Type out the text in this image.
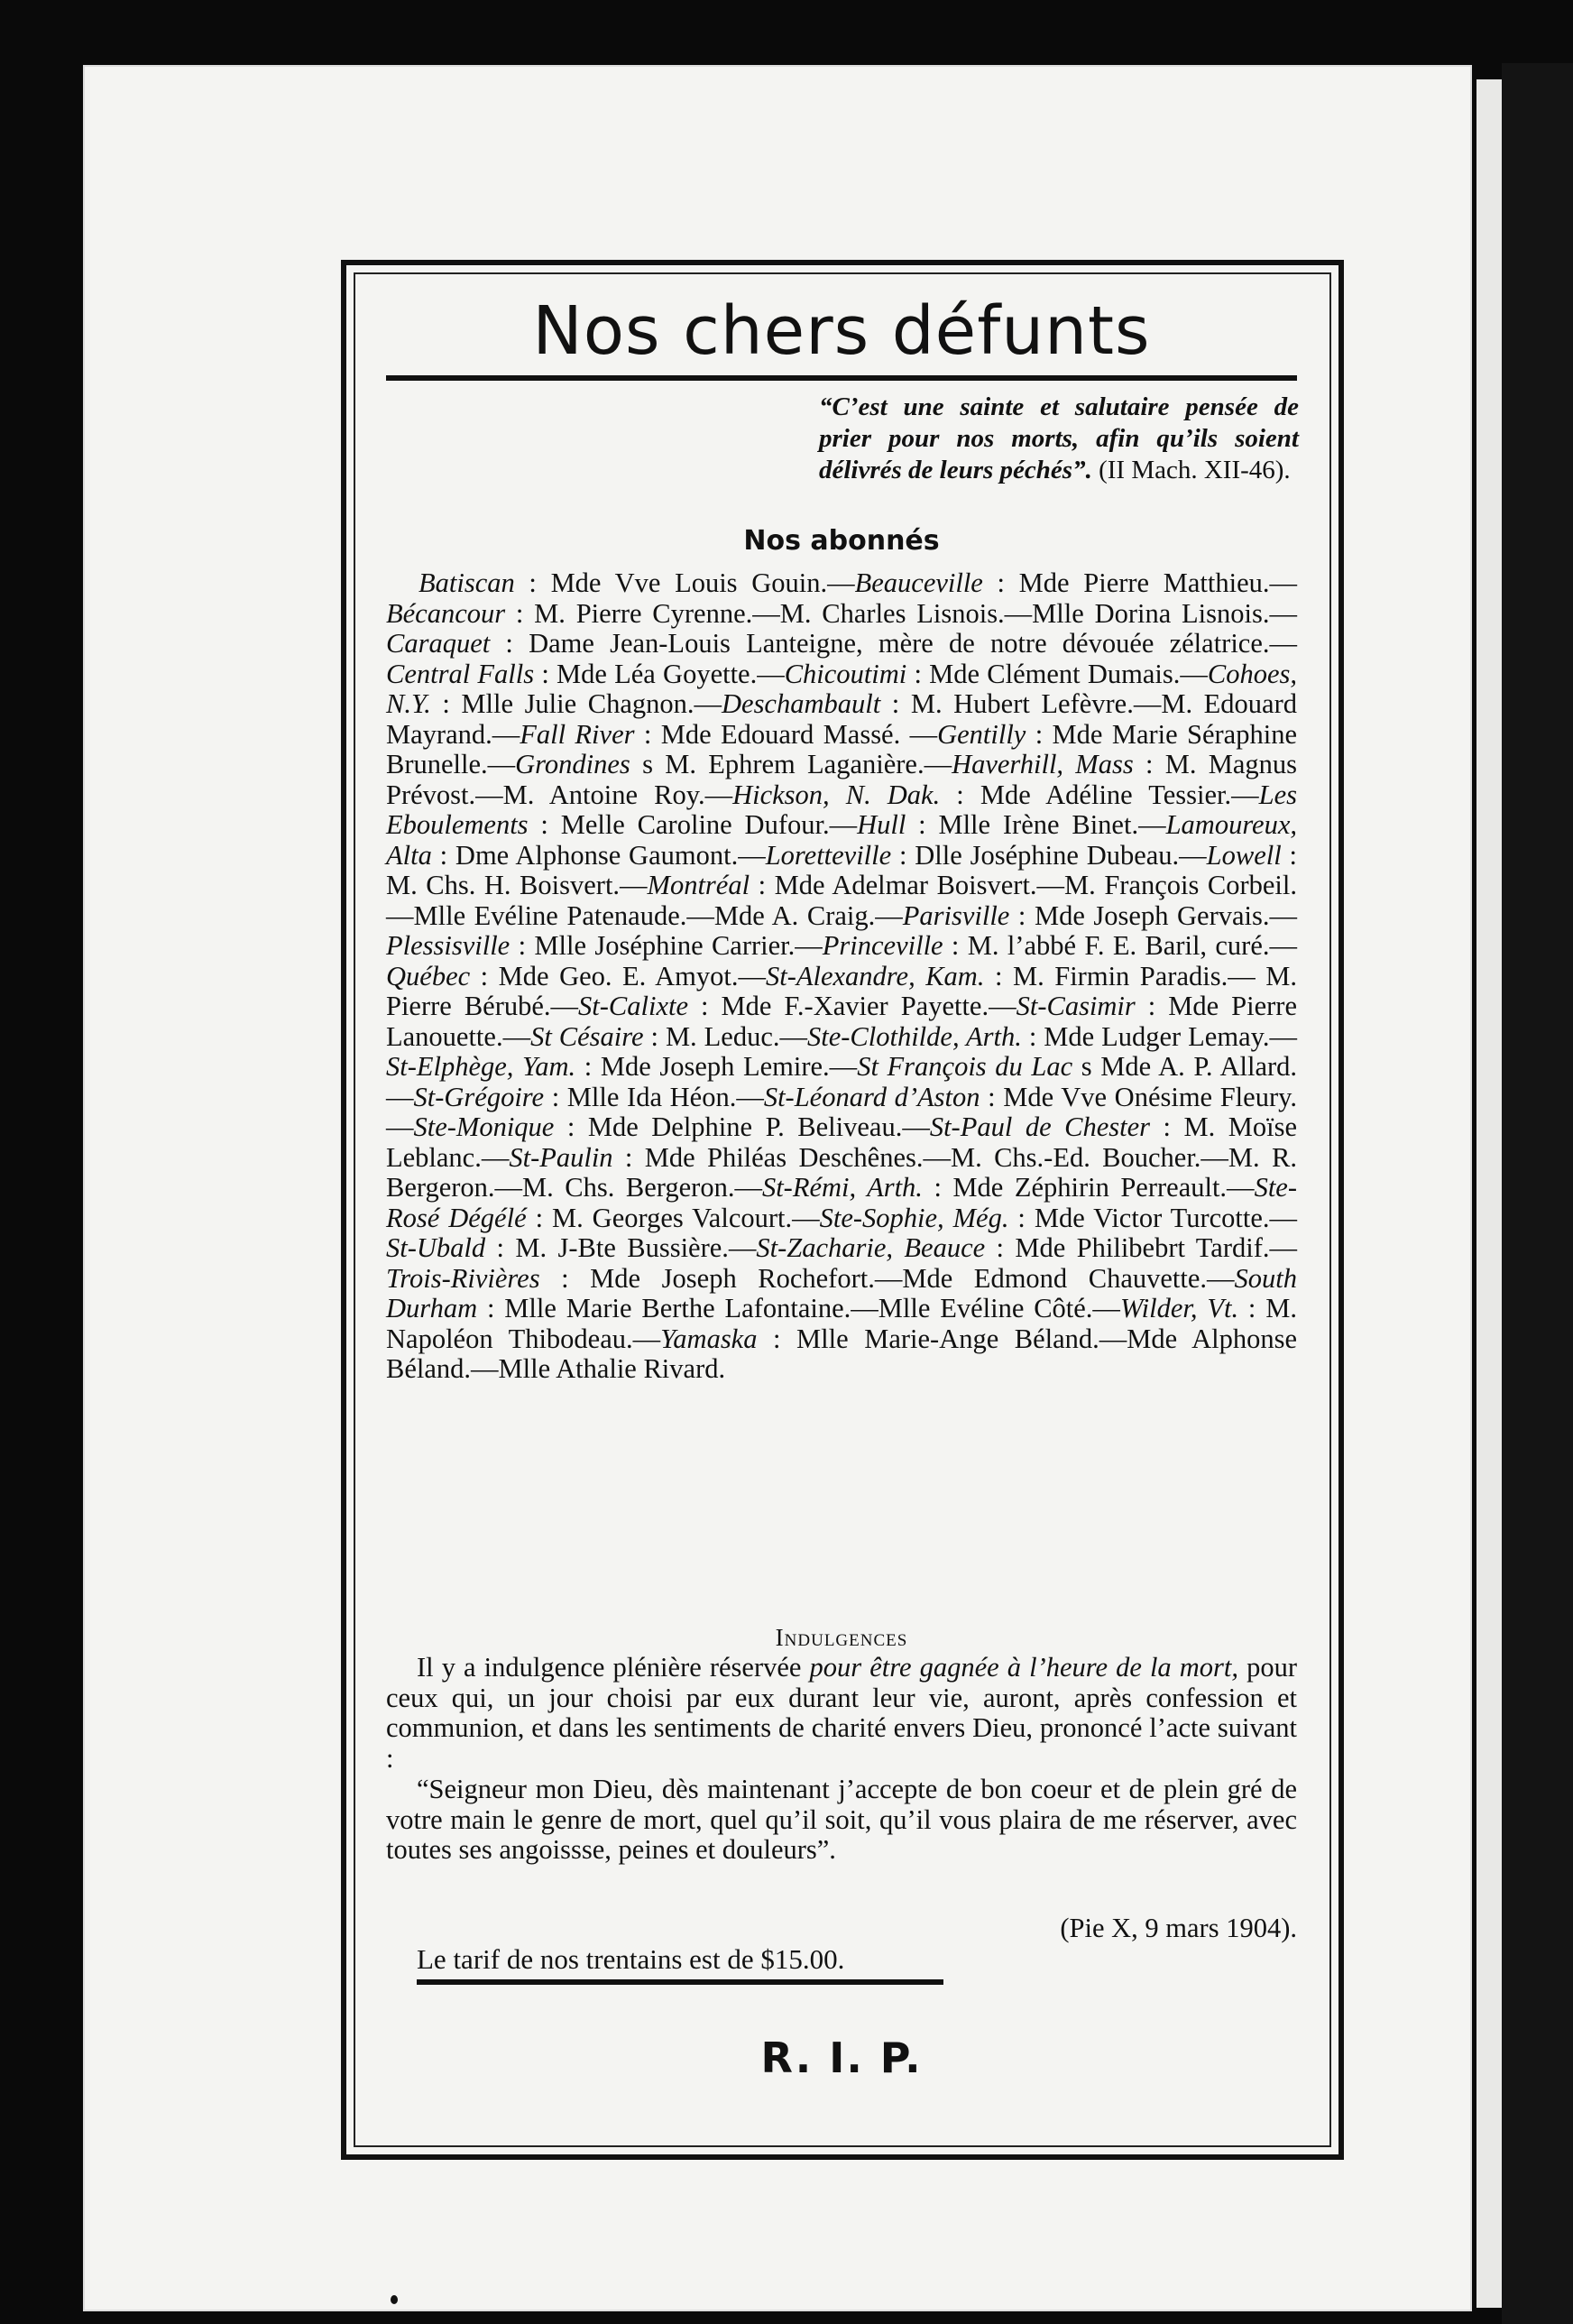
Nos chers défunts
“C’est une sainte et salutaire pensée de prier pour nos morts, afin qu’ils soient délivrés de leurs péchés”. (II Mach. XII-46).
Nos abonnés
Batiscan : Mde Vve Louis Gouin.—Beauceville : Mde Pierre Matthieu.—Bécancour : M. Pierre Cyrenne.—M. Charles Lisnois.—Mlle Dorina Lisnois.—Caraquet : Dame Jean-Louis Lanteigne, mère de notre dévouée zélatrice.—Central Falls : Mde Léa Goyette.—Chicoutimi : Mde Clément Dumais.—Cohoes, N.Y. : Mlle Julie Chagnon.—Deschambault : M. Hubert Lefèvre.—M. Edouard Mayrand.—Fall River : Mde Edouard Massé. —Gentilly : Mde Marie Séraphine Brunelle.—Grondines s M. Ephrem Laganière.—Haverhill, Mass : M. Magnus Prévost.—M. Antoine Roy.—Hickson, N. Dak. : Mde Adéline Tessier.—Les Eboulements : Melle Caroline Dufour.—Hull : Mlle Irène Binet.—Lamoureux, Alta : Dme Alphonse Gaumont.—Loretteville : Dlle Joséphine Dubeau.—Lowell : M. Chs. H. Boisvert.—Montréal : Mde Adelmar Boisvert.—M. François Corbeil.—Mlle Evéline Patenaude.—Mde A. Craig.—Parisville : Mde Joseph Gervais.—Plessisville : Mlle Joséphine Carrier.—Princeville : M. l’abbé F. E. Baril, curé.—Québec : Mde Geo. E. Amyot.—St-Alexandre, Kam. : M. Firmin Paradis.— M. Pierre Bérubé.—St-Calixte : Mde F.-Xavier Payette.—St-Casimir : Mde Pierre Lanouette.—St Césaire : M. Leduc.—Ste-Clothilde, Arth. : Mde Ludger Lemay.—St-Elphège, Yam. : Mde Joseph Lemire.—St François du Lac s Mde A. P. Allard.—St-Grégoire : Mlle Ida Héon.—St-Léonard d’Aston : Mde Vve Onésime Fleury.—Ste-Monique : Mde Delphine P. Beliveau.—St-Paul de Chester : M. Moïse Leblanc.—St-Paulin : Mde Philéas Deschênes.—M. Chs.-Ed. Boucher.—M. R. Bergeron.—M. Chs. Bergeron.—St-Rémi, Arth. : Mde Zéphirin Perreault.—Ste-Rosé Dégélé : M. Georges Valcourt.—Ste-Sophie, Még. : Mde Victor Turcotte.—St-Ubald : M. J-Bte Bussière.—St-Zacharie, Beauce : Mde Philibebrt Tardif.—Trois-Rivières : Mde Joseph Rochefort.—Mde Edmond Chauvette.—South Durham : Mlle Marie Berthe Lafontaine.—Mlle Evéline Côté.—Wilder, Vt. : M. Napoléon Thibodeau.—Yamaska : Mlle Marie-Ange Béland.—Mde Alphonse Béland.—Mlle Athalie Rivard.
Indulgences
Il y a indulgence plénière réservée pour être gagnée à l’heure de la mort, pour ceux qui, un jour choisi par eux durant leur vie, auront, après confession et communion, et dans les sentiments de charité envers Dieu, prononcé l’acte suivant :
“Seigneur mon Dieu, dès maintenant j’accepte de bon coeur et de plein gré de votre main le genre de mort, quel qu’il soit, qu’il vous plaira de me réserver, avec toutes ses angoissse, peines et douleurs”.
(Pie X, 9 mars 1904).
Le tarif de nos trentains est de $15.00.
R. I. P.
